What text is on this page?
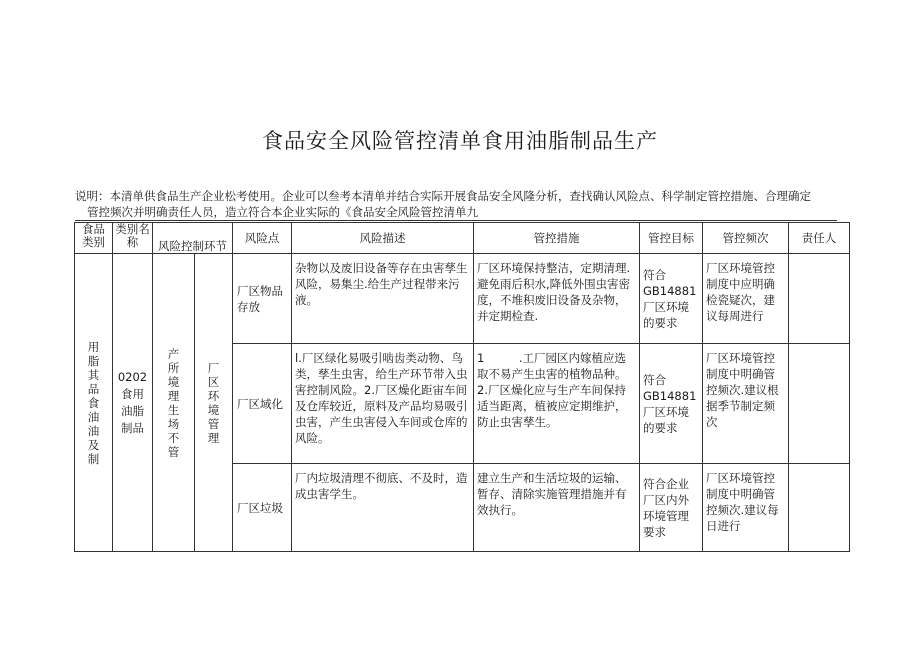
食品安全风险管控清单食用油脂制品生产

说明：本清单供食品生产企业松考使用。企业可以叁考本清单并结合实际开展食品安全风隆分析，查找确认风险点、科学制定管控措施、合理确定
管控频次并明确责任人员，造立符合本企业实际的《食品安全风险管控清单九

食品类别	类别名称	风险控制环节		风险点	风险描述	管控措施	管控目标	管控频次	责任人
用脂其品食油油及制	0202食用油脂制品	产所境理生场不管	厂区环境管理	厂区物品存放	杂物以及废旧设备等存在虫害孳生风险，易集尘.给生产过程带来污液。	厂区环境保持整洁，定期清理.避免雨后积水,降低外围虫害密度，不堆积废旧设备及杂物，并定期检查.	符合GB14881厂区环境的要求	厂区环境管控制度中应明确检瓷疑次，建议每周进行	
				厂区域化	l.厂区绿化易吸引啮齿类动物、鸟类，孳生虫害，给生产环节带入虫害控制风险。2.厂区燥化距宙车间及仓库较近，原料及产品均易吸引虫害，产生虫害侵入车间或仓库的风险。	1　　　.工厂园区内嫁植应选取不易产生虫害的植物品种。2.厂区燥化应与生产车间保持适当距离，植被应定期维护，防止虫害孳生。	符合GB14881厂区环境的要求	厂区环境管控制度中明确管控频次.建议根据季节制定频次	
				厂区垃圾	厂内垃圾清理不彻底、不及时，造成虫害学生。	建立生产和生活垃圾的运输、暂存、清除实施管理措施并有效执行。	符合企业厂区内外环境管理要求	厂区环境管控制度中明确管控频次.建议每日进行	
